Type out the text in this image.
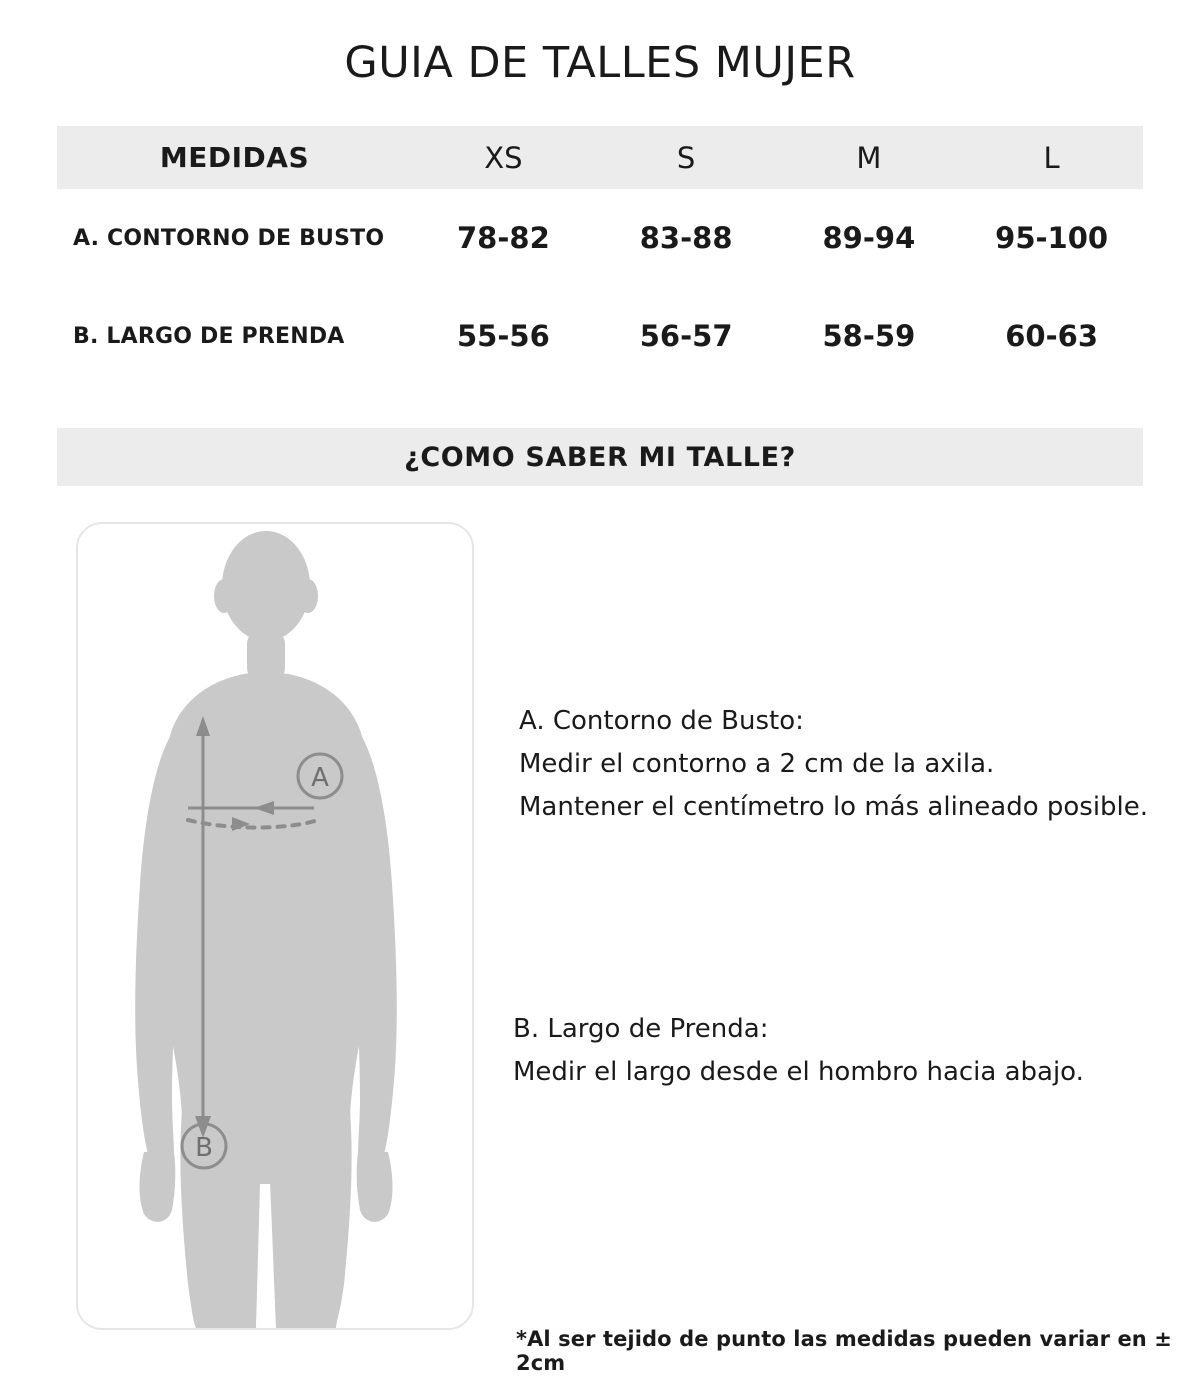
GUIA DE TALLES MUJER
MEDIDAS	XS	S	M	L
A. CONTORNO DE BUSTO	78-82	83-88	89-94	95-100
B. LARGO DE PRENDA	55-56	56-57	58-59	60-63
¿COMO SABER MI TALLE?
A
B
A. Contorno de Busto:
Medir el contorno a 2 cm de la axila.
Mantener el centímetro lo más alineado posible.
B. Largo de Prenda:
Medir el largo desde el hombro hacia abajo.
*Al ser tejido de punto las medidas pueden variar en ± 2cm
